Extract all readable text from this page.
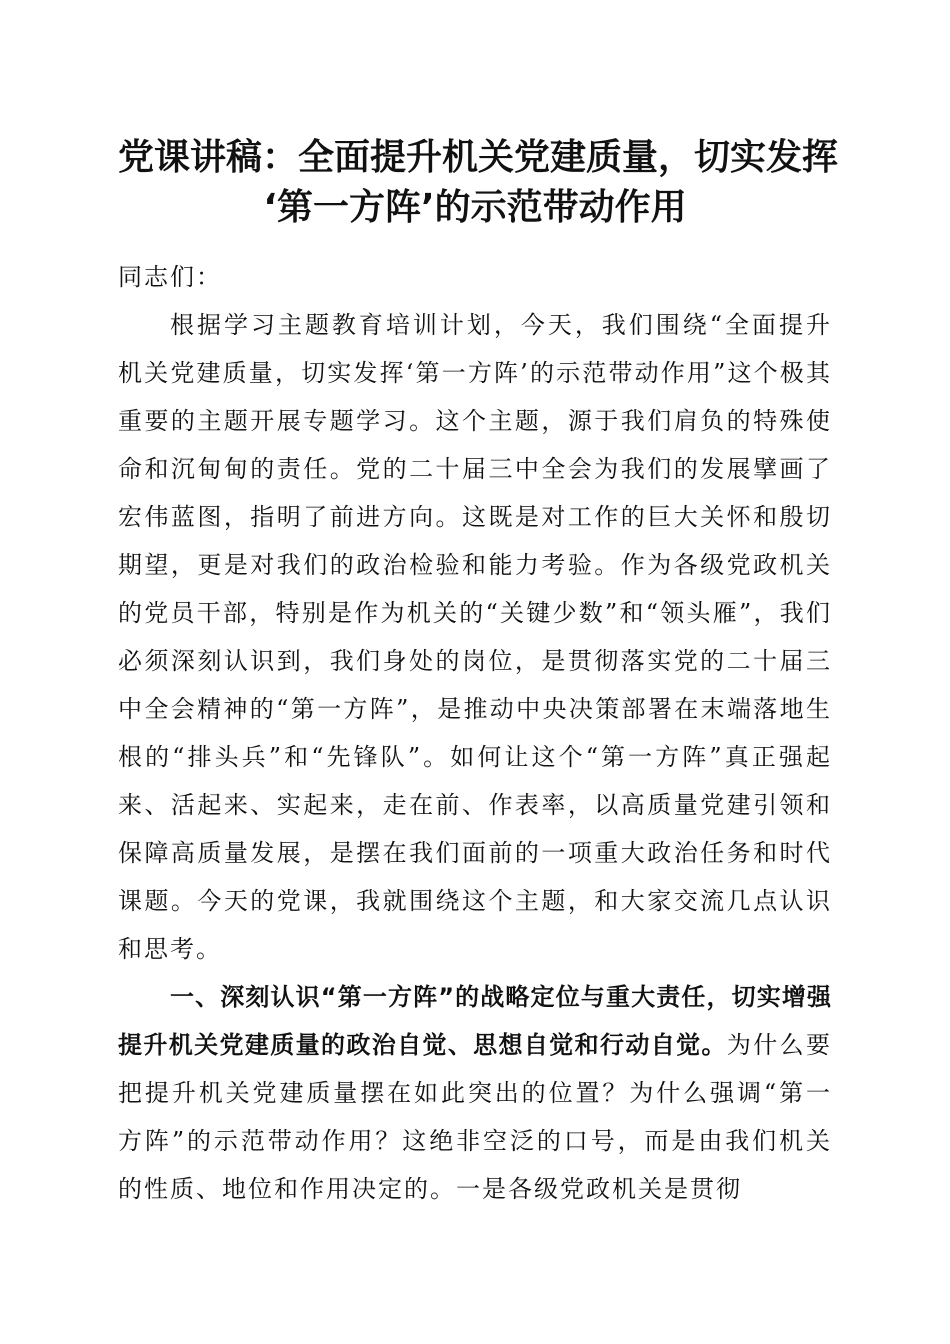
党课讲稿：全面提升机关党建质量，切实发挥
‘第一方阵’的示范带动作用

同志们：

根据学习主题教育培训计划，今天，我们围绕“全面提升机关党建质量，切实发挥‘第一方阵’的示范带动作用”这个极其重要的主题开展专题学习。这个主题，源于我们肩负的特殊使命和沉甸甸的责任。党的二十届三中全会为我们的发展擘画了宏伟蓝图，指明了前进方向。这既是对工作的巨大关怀和殷切期望，更是对我们的政治检验和能力考验。作为各级党政机关的党员干部，特别是作为机关的“关键少数”和“领头雁”，我们必须深刻认识到，我们身处的岗位，是贯彻落实党的二十届三中全会精神的“第一方阵”，是推动中央决策部署在末端落地生根的“排头兵”和“先锋队”。如何让这个“第一方阵”真正强起来、活起来、实起来，走在前、作表率，以高质量党建引领和保障高质量发展，是摆在我们面前的一项重大政治任务和时代课题。今天的党课，我就围绕这个主题，和大家交流几点认识和思考。

一、深刻认识“第一方阵”的战略定位与重大责任，切实增强提升机关党建质量的政治自觉、思想自觉和行动自觉。为什么要把提升机关党建质量摆在如此突出的位置？为什么强调“第一方阵”的示范带动作用？这绝非空泛的口号，而是由我们机关的性质、地位和作用决定的。一是各级党政机关是贯彻
